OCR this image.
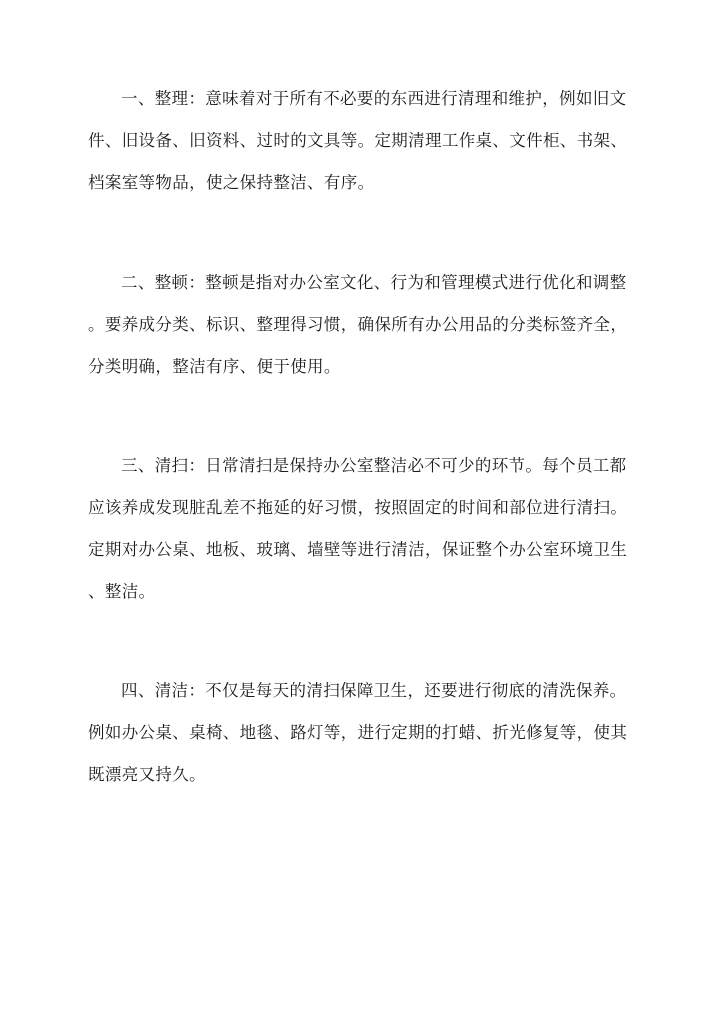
一、整理：意味着对于所有不必要的东西进行清理和维护，例如旧文
件、旧设备、旧资料、过时的文具等。定期清理工作桌、文件柜、书架、
档案室等物品，使之保持整洁、有序。
二、整顿：整顿是指对办公室文化、行为和管理模式进行优化和调整
。要养成分类、标识、整理得习惯，确保所有办公用品的分类标签齐全，
分类明确，整洁有序、便于使用。
三、清扫：日常清扫是保持办公室整洁必不可少的环节。每个员工都
应该养成发现脏乱差不拖延的好习惯，按照固定的时间和部位进行清扫。
定期对办公桌、地板、玻璃、墙壁等进行清洁，保证整个办公室环境卫生
、整洁。
四、清洁：不仅是每天的清扫保障卫生，还要进行彻底的清洗保养。
例如办公桌、桌椅、地毯、路灯等，进行定期的打蜡、折光修复等，使其
既漂亮又持久。
